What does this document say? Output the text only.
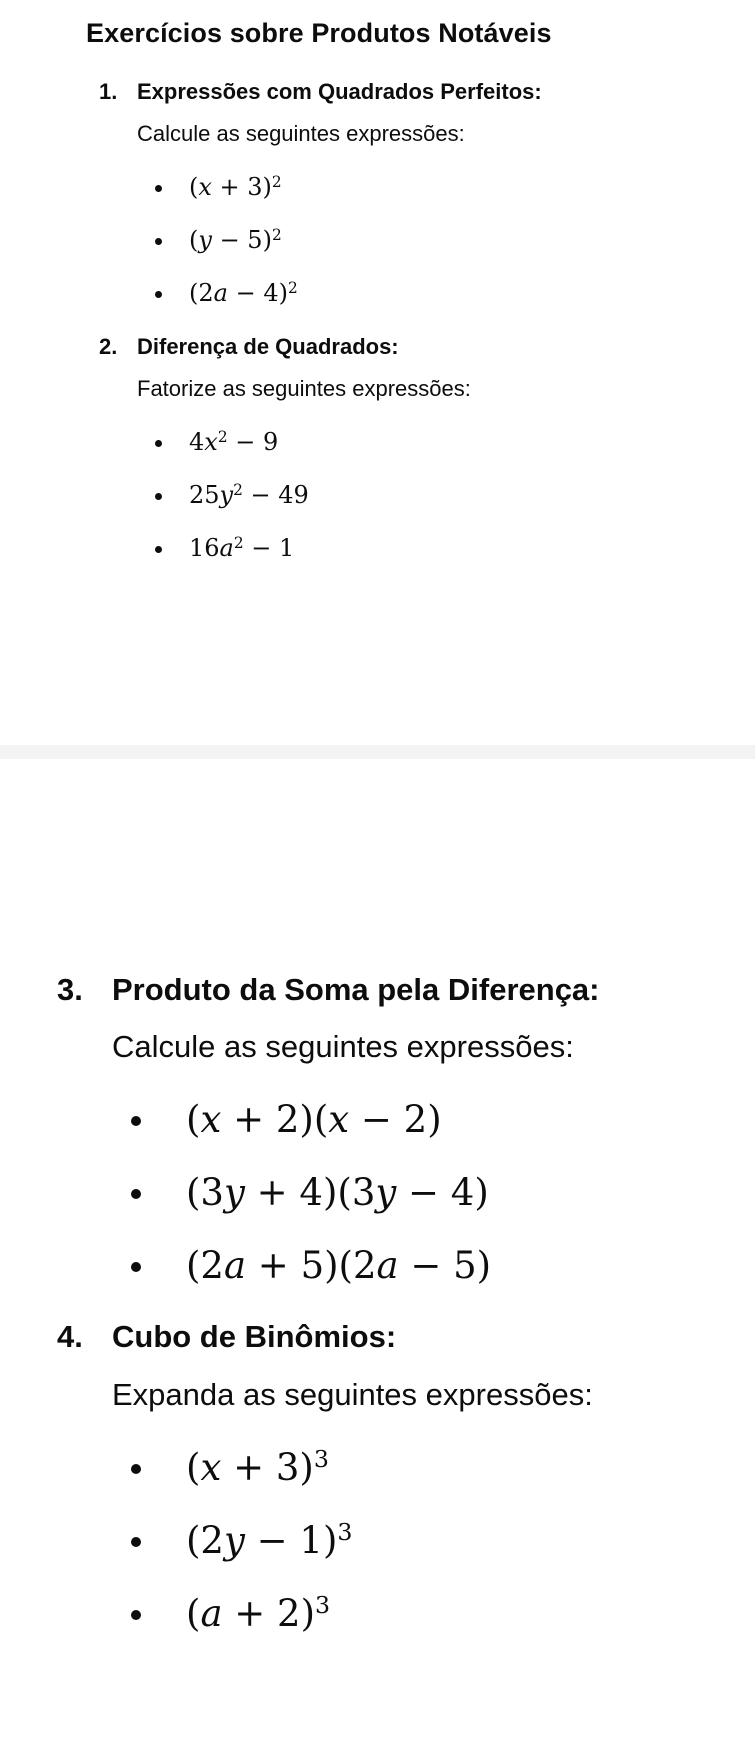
Exercícios sobre Produtos Notáveis
1. Expressões com Quadrados Perfeitos:

Calcule as seguintes expressões:

$(x + 3)^2$
$(y - 5)^2$
$(2a - 4)^2$
2. Diferença de Quadrados:

Fatorize as seguintes expressões:

$4x^2 - 9$
$25y^2 - 49$
$16a^2 - 1$
3. Produto da Soma pela Diferença:

Calcule as seguintes expressões:

(x + 2)(x − 2)
(3y + 4)(3y − 4)
(2a + 5)(2a − 5)
4. Cubo de Binômios:

Expanda as seguintes expressões:

$(x + 3)^3$
$(2y - 1)^3$
$(a + 2)^3$
